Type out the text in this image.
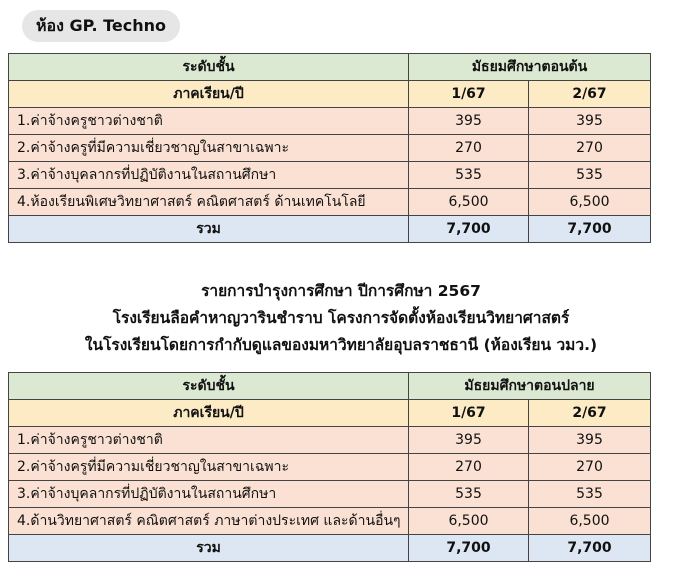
ห้อง GP. Techno
ระดับชั้น	มัธยมศึกษาตอนต้น	
ภาคเรียน/ปี	1/67	2/67
1.ค่าจ้างครูชาวต่างชาติ	395	395
2.ค่าจ้างครูที่มีความเชี่ยวชาญในสาขาเฉพาะ	270	270
3.ค่าจ้างบุคลากรที่ปฏิบัติงานในสถานศึกษา	535	535
4.ห้องเรียนพิเศษวิทยาศาสตร์ คณิตศาสตร์ ด้านเทคโนโลยี	6,500	6,500
รวม	7,700	7,700
รายการบำรุงการศึกษา ปีการศึกษา 2567
โรงเรียนลือคำหาญวารินชำราบ โครงการจัดตั้งห้องเรียนวิทยาศาสตร์
ในโรงเรียนโดยการกำกับดูแลของมหาวิทยาลัยอุบลราชธานี (ห้องเรียน วมว.)
ระดับชั้น	มัธยมศึกษาตอนปลาย	
ภาคเรียน/ปี	1/67	2/67
1.ค่าจ้างครูชาวต่างชาติ	395	395
2.ค่าจ้างครูที่มีความเชี่ยวชาญในสาขาเฉพาะ	270	270
3.ค่าจ้างบุคลากรที่ปฏิบัติงานในสถานศึกษา	535	535
4.ด้านวิทยาศาสตร์ คณิตศาสตร์ ภาษาต่างประเทศ และด้านอื่นๆ	6,500	6,500
รวม	7,700	7,700
